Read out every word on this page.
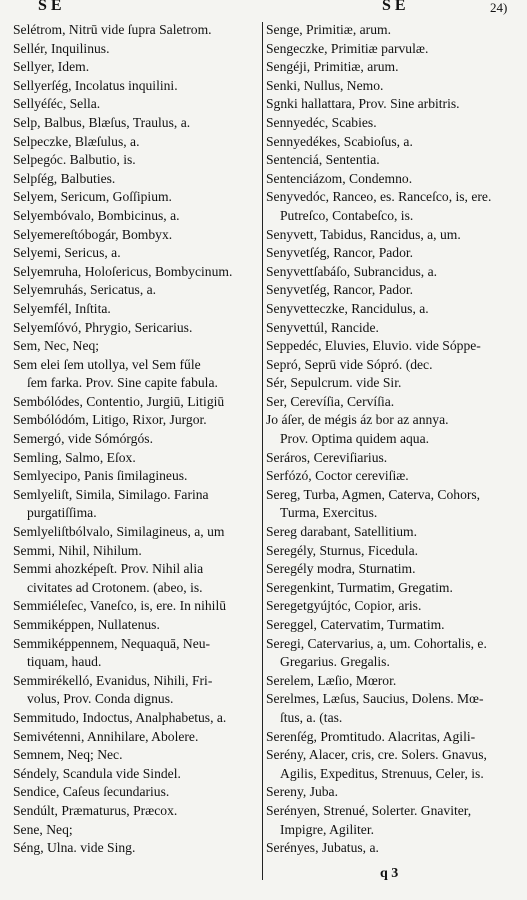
S E	S E	24)
Selétrom, Nitrū vide ſupra Saletrom.
Sellér, Inquilinus.
Sellyer, Idem.
Sellyerſég, Incolatus inquilini.
Sellyéſéc, Sella.
Selp, Balbus, Blæſus, Traulus, a.
Selpeczke, Blæſulus, a.
Selpegóc. Balbutio, is.
Selpſég, Balbuties.
Selyem, Sericum, Goſſipium.
Selyembóvalo, Bombicinus, a.
Selyemereſtóbogár, Bombyx.
Selyemi, Sericus, a.
Selyemruha, Holoſericus, Bombycinum.
Selyemruhás, Sericatus, a.
Selyemfél, Inſtita.
Selyemſóvó, Phrygio, Sericarius.
Sem, Nec, Neq;
Sem elei ſem utollya, vel Sem fűle
ſem farka. Prov. Sine capite fabula.
Sembólódes, Contentio, Jurgiū, Litigiū
Sembólódóm, Litigo, Rixor, Jurgor.
Semergó, vide Sómórgós.
Semling, Salmo, Eſox.
Semlyecipo, Panis ſimilagineus.
Semlyeliſt, Simila, Similago. Farina
purgatiſſima.
Semlyeliſtbólvalo, Similagineus, a, um
Semmi, Nihil, Nihilum.
Semmi ahozképeſt. Prov. Nihil alia
civitates ad Crotonem. (abeo, is.
Semmiéleſec, Vaneſco, is, ere. In nihilū
Semmiképpen, Nullatenus.
Semmiképpennem, Nequaquā, Neu-
tiquam, haud.
Semmirékelló, Evanidus, Nihili, Fri-
volus, Prov. Conda dignus.
Semmitudo, Indoctus, Analphabetus, a.
Semivétenni, Annihilare, Abolere.
Semnem, Neq; Nec.
Séndely, Scandula vide Sindel.
Sendice, Caſeus ſecundarius.
Sendúlt, Præmaturus, Præcox.
Sene, Neq;
Séng, Ulna. vide Sing.
Senge, Primitiæ, arum.
Sengeczke, Primitiæ parvulæ.
Sengéji, Primitiæ, arum.
Senki, Nullus, Nemo.
Sgnki hallattara, Prov. Sine arbitris.
Sennyedéc, Scabies.
Sennyedékes, Scabioſus, a.
Sentenciá, Sententia.
Sentenciázom, Condemno.
Senyvedóc, Ranceo, es. Ranceſco, is, ere.
Putreſco, Contabeſco, is.
Senyvett, Tabidus, Rancidus, a, um.
Senyvetſég, Rancor, Pador.
Senyvettſabáſo, Subrancidus, a.
Senyvetſég, Rancor, Pador.
Senyvetteczke, Rancidulus, a.
Senyvettúl, Rancide.
Seppedéc, Eluvies, Eluvio. vide Sóppe-
Sepró, Seprū vide Sópró. (dec.
Sér, Sepulcrum. vide Sir.
Ser, Cerevíſia, Cervíſia.
Jo áſer, de mégis áz bor az annya.
Prov. Optima quidem aqua.
Seráros, Cereviſiarius.
Serfózó, Coctor cereviſiæ.
Sereg, Turba, Agmen, Caterva, Cohors,
Turma, Exercitus.
Sereg darabant, Satellitium.
Seregély, Sturnus, Ficedula.
Seregély modra, Sturnatim.
Seregenkint, Turmatim, Gregatim.
Seregetgyújtóc, Copior, aris.
Sereggel, Catervatim, Turmatim.
Seregi, Catervarius, a, um. Cohortalis, e.
Gregarius. Gregalis.
Serelem, Læſio, Mœror.
Serelmes, Læſus, Saucius, Dolens. Mœ-
ſtus, a. (tas.
Serenſég, Promtitudo. Alacritas, Agili-
Serény, Alacer, cris, cre. Solers. Gnavus,
Agilis, Expeditus, Strenuus, Celer, is.
Sereny, Juba.
Serényen, Strenué, Solerter. Gnaviter,
Impigre, Agiliter.
Serényes, Jubatus, a.
q 3
